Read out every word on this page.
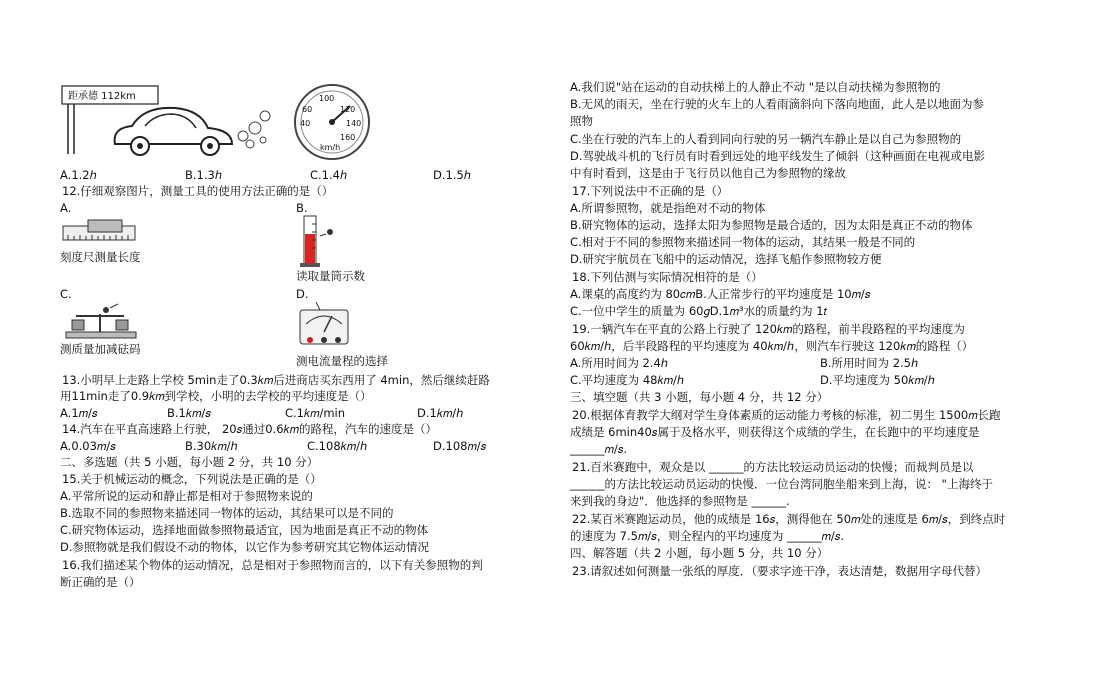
距承德 112km	100
60	120
40	140
160
km/h
A.1.2ℎ	B.1.3ℎ	C.1.4ℎ	D.1.5ℎ
12.仔细观察图片，测量工具的使用方法正确的是（）
A.	B.
刻度尺测量长度
读取量筒示数
C.	D.
测质量加减砝码
测电流量程的选择
13.小明早上走路上学校 5min走了0.3𝑘𝑚后进商店买东西用了 4min，然后继续赶路
用11min走了0.9𝑘𝑚到学校，小明的去学校的平均速度是（）
A.1𝑚/𝑠	B.1𝑘𝑚/𝑠	C.1𝑘𝑚/min	D.1𝑘𝑚/ℎ
14.汽车在平直高速路上行驶， 20𝑠通过0.6𝑘𝑚的路程，汽车的速度是（）
A.0.03𝑚/𝑠	B.30𝑘𝑚/ℎ	C.108𝑘𝑚/ℎ	D.108𝑚/𝑠
二、多选题（共 5 小题，每小题 2 分，共 10 分）
15.关于机械运动的概念，下列说法是正确的是（）
A.平常所说的运动和静止都是相对于参照物来说的
B.选取不同的参照物来描述同一物体的运动，其结果可以是不同的
C.研究物体运动，选择地面做参照物最适宜，因为地面是真正不动的物体
D.参照物就是我们假设不动的物体，以它作为参考研究其它物体运动情况
16.我们描述某个物体的运动情况，总是相对于参照物而言的，以下有关参照物的判
断正确的是（）
A.我们说"站在运动的自动扶梯上的人静止不动 "是以自动扶梯为参照物的
B.无风的雨天，坐在行驶的火车上的人看雨滴斜向下落向地面，此人是以地面为参
照物
C.坐在行驶的汽车上的人看到同向行驶的另一辆汽车静止是以自己为参照物的
D.驾驶战斗机的飞行员有时看到远处的地平线发生了倾斜（这种画面在电视或电影
中有时看到，这是由于飞行员以他自己为参照物的缘故
17.下列说法中不正确的是（）
A.所谓参照物，就是指绝对不动的物体
B.研究物体的运动，选择太阳为参照物是最合适的，因为太阳是真正不动的物体
C.相对于不同的参照物来描述同一物体的运动，其结果一般是不同的
D.研究宇航员在飞船中的运动情况，选择飞船作参照物较方便
18.下列估测与实际情况相符的是（）
A.课桌的高度约为 80𝑐𝑚B.人正常步行的平均速度是 10𝑚/𝑠
C.一位中学生的质量为 60𝑔D.1𝑚³水的质量约为 1𝑡
19.一辆汽车在平直的公路上行驶了 120𝑘𝑚的路程，前半段路程的平均速度为
60𝑘𝑚/ℎ，后半段路程的平均速度为 40𝑘𝑚/ℎ，则汽车行驶这 120𝑘𝑚的路程（）
A.所用时间为 2.4ℎ	B.所用时间为 2.5ℎ
C.平均速度为 48𝑘𝑚/ℎ	D.平均速度为 50𝑘𝑚/ℎ
三、填空题（共 3 小题，每小题 4 分，共 12 分）
20.根据体育教学大纲对学生身体素质的运动能力考核的标准，初二男生 1500𝑚长跑
成绩是 6min40𝑠属于及格水平，则获得这个成绩的学生，在长跑中的平均速度是
______𝑚/𝑠.
21.百米赛跑中，观众是以 ______的方法比较运动员运动的快慢；而裁判员是以
______的方法比较运动员运动的快慢．一位台湾同胞坐船来到上海，说： "上海终于
来到我的身边"．他选择的参照物是 ______.
22.某百米赛跑运动员，他的成绩是 16𝑠，测得他在 50𝑚处的速度是 6𝑚/𝑠，到终点时
的速度为 7.5𝑚/𝑠，则全程内的平均速度为 ______𝑚/𝑠.
四、解答题（共 2 小题，每小题 5 分，共 10 分）
23.请叙述如何测量一张纸的厚度．（要求字迹干净，表达清楚，数据用字母代替）
